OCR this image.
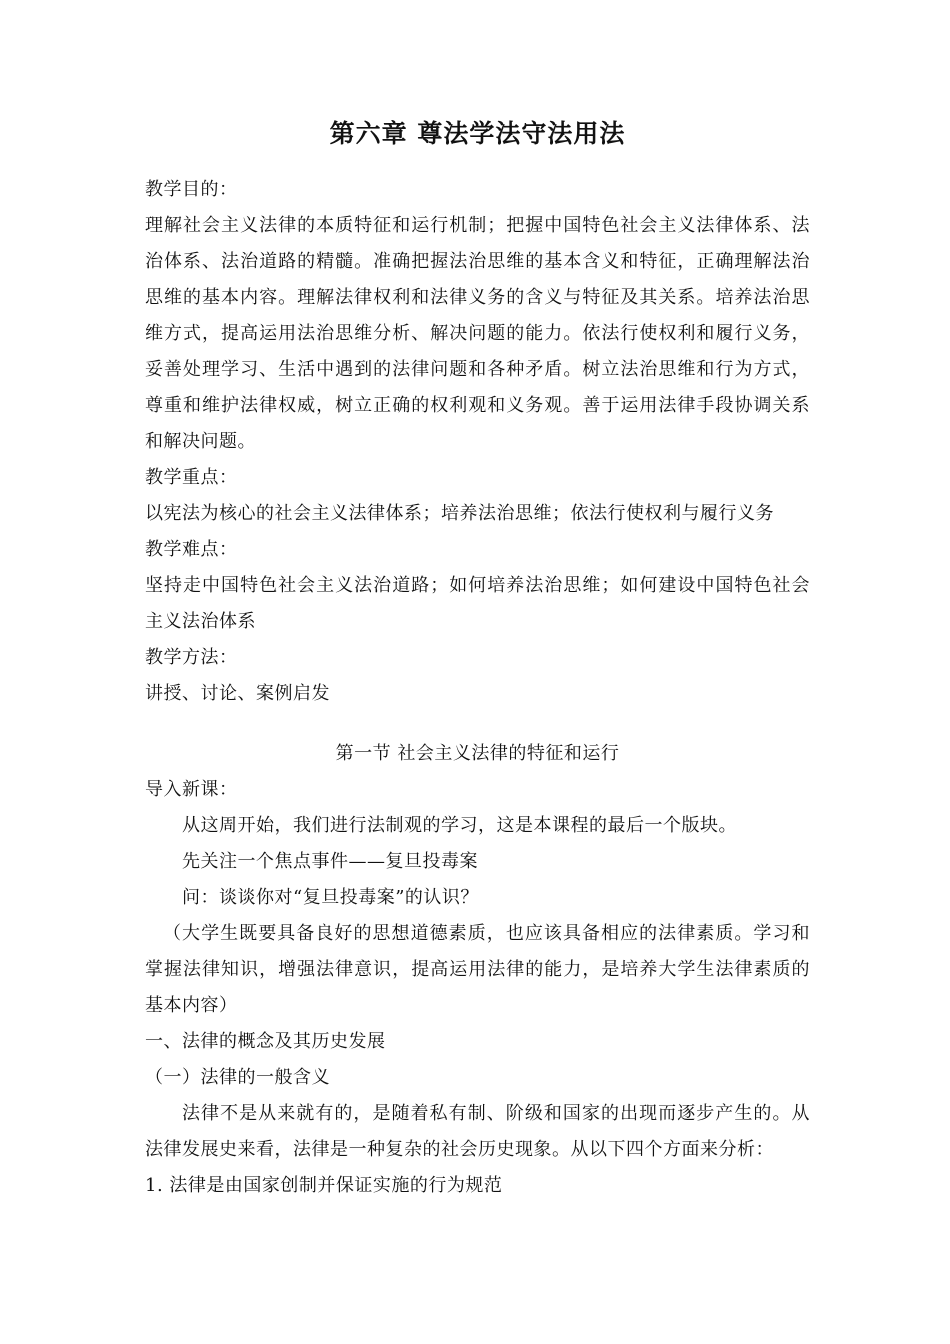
第六章 尊法学法守法用法

教学目的：

理解社会主义法律的本质特征和运行机制；把握中国特色社会主义法律体系、法治体系、法治道路的精髓。准确把握法治思维的基本含义和特征，正确理解法治思维的基本内容。理解法律权利和法律义务的含义与特征及其关系。培养法治思维方式，提高运用法治思维分析、解决问题的能力。依法行使权利和履行义务，妥善处理学习、生活中遇到的法律问题和各种矛盾。树立法治思维和行为方式，尊重和维护法律权威，树立正确的权利观和义务观。善于运用法律手段协调关系和解决问题。

教学重点：

以宪法为核心的社会主义法律体系；培养法治思维；依法行使权利与履行义务

教学难点：

坚持走中国特色社会主义法治道路；如何培养法治思维；如何建设中国特色社会主义法治体系

教学方法：

讲授、讨论、案例启发

第一节 社会主义法律的特征和运行

导入新课：

从这周开始，我们进行法制观的学习，这是本课程的最后一个版块。

先关注一个焦点事件——复旦投毒案

问：谈谈你对“复旦投毒案”的认识？

（大学生既要具备良好的思想道德素质，也应该具备相应的法律素质。学习和掌握法律知识，增强法律意识，提高运用法律的能力，是培养大学生法律素质的基本内容）

一、法律的概念及其历史发展

（一）法律的一般含义

法律不是从来就有的，是随着私有制、阶级和国家的出现而逐步产生的。从法律发展史来看，法律是一种复杂的社会历史现象。从以下四个方面来分析：

1. 法律是由国家创制并保证实施的行为规范
